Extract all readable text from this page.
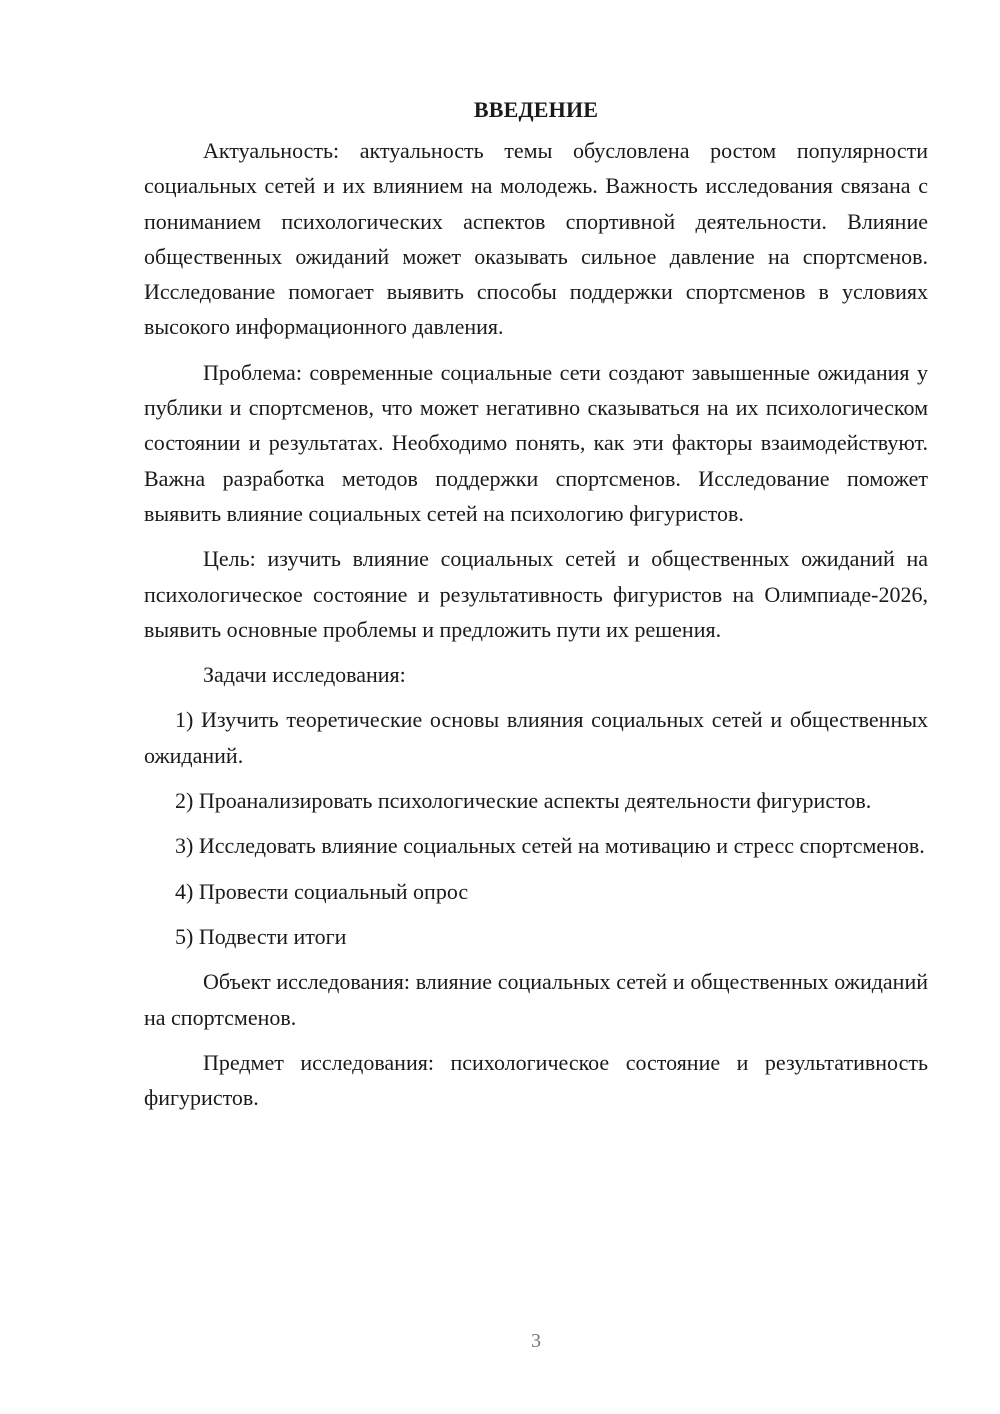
ВВЕДЕНИЕ

Актуальность: актуальность темы обусловлена ростом популярности социальных сетей и их влиянием на молодежь. Важность исследования связана с пониманием психологических аспектов спортивной деятельности. Влияние общественных ожиданий может оказывать сильное давление на спортсменов. Исследование помогает выявить способы поддержки спортсменов в условиях высокого информационного давления.

Проблема: современные социальные сети создают завышенные ожидания у публики и спортсменов, что может негативно сказываться на их психологическом состоянии и результатах. Необходимо понять, как эти факторы взаимодействуют. Важна разработка методов поддержки спортсменов. Исследование поможет выявить влияние социальных сетей на психологию фигуристов.

Цель: изучить влияние социальных сетей и общественных ожиданий на психологическое состояние и результативность фигуристов на Олимпиаде-2026, выявить основные проблемы и предложить пути их решения.

Задачи исследования:

1) Изучить теоретические основы влияния социальных сетей и общественных ожиданий.

2) Проанализировать психологические аспекты деятельности фигуристов.

3) Исследовать влияние социальных сетей на мотивацию и стресс спортсменов.

4) Провести социальный опрос

5) Подвести итоги

Объект исследования: влияние социальных сетей и общественных ожиданий на спортсменов.

Предмет исследования: психологическое состояние и результативность фигуристов.

3
